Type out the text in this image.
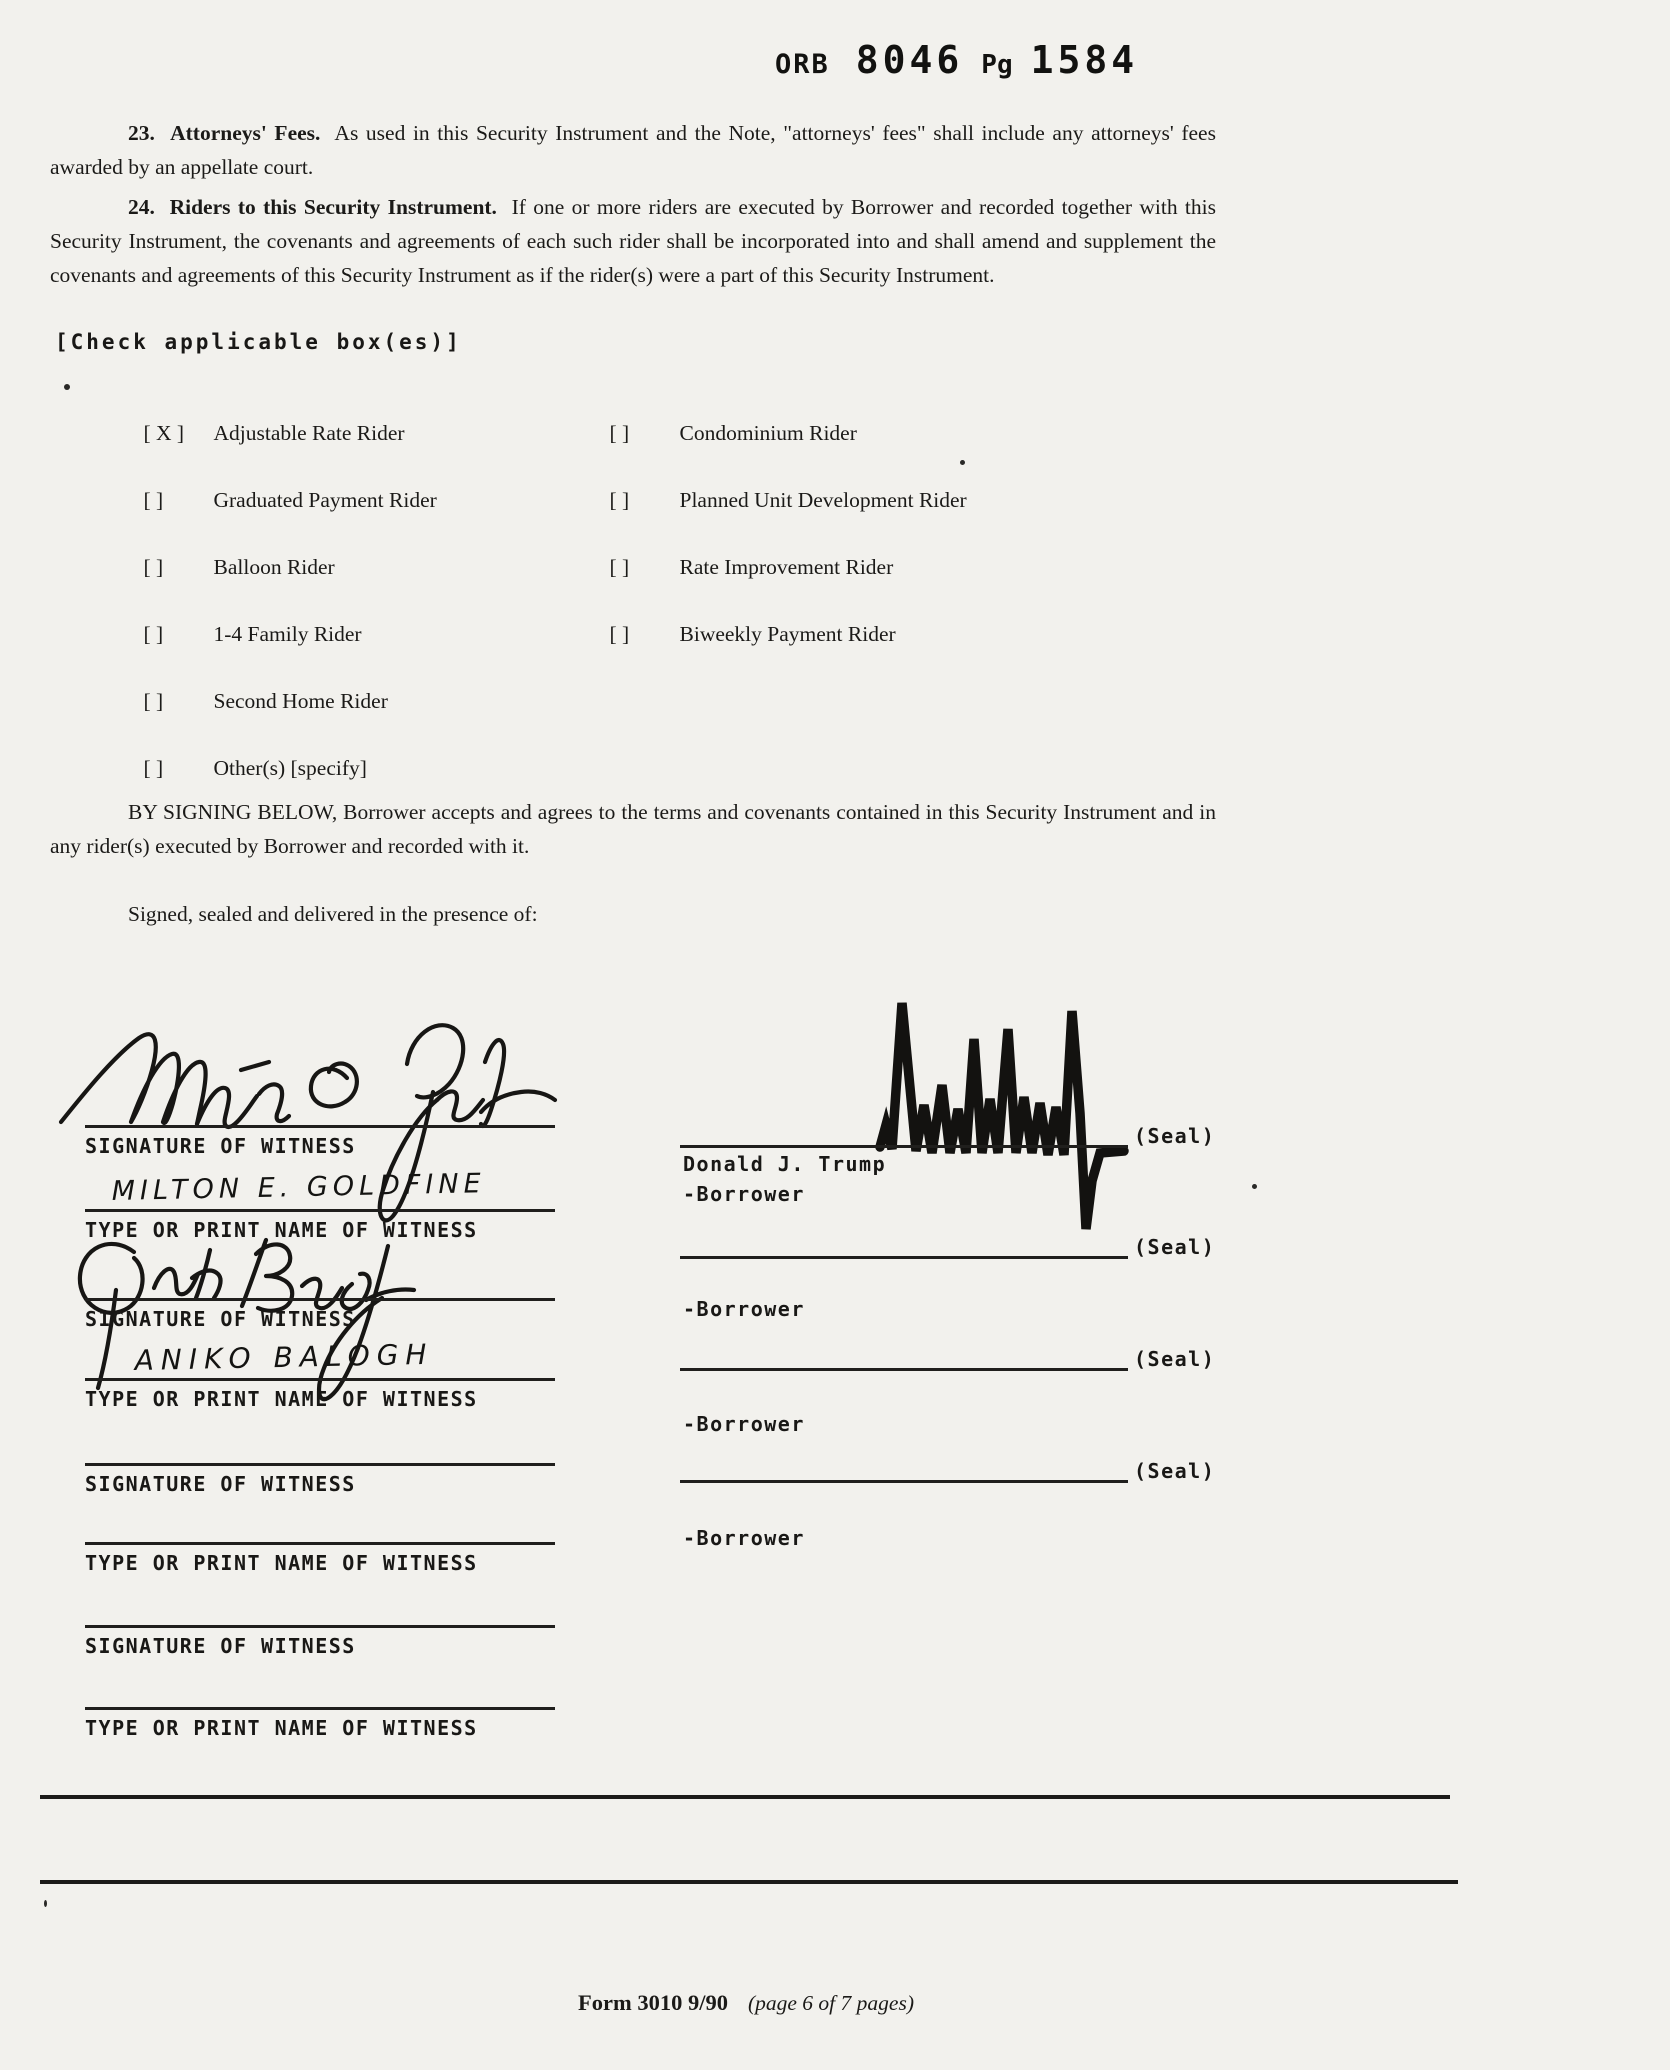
ORB 8046 Pg 1584
23. Attorneys' Fees. As used in this Security Instrument and the Note, "attorneys' fees" shall include any attorneys' fees awarded by an appellate court.
24. Riders to this Security Instrument. If one or more riders are executed by Borrower and recorded together with this Security Instrument, the covenants and agreements of each such rider shall be incorporated into and shall amend and supplement the covenants and agreements of this Security Instrument as if the rider(s) were a part of this Security Instrument.
[Check applicable box(es)]

[ X ] Adjustable Rate Rider

[ ] Graduated Payment Rider

[ ] Balloon Rider

[ ] 1-4 Family Rider

[ ] Second Home Rider

[ ] Other(s) [specify]

[ ] Condominium Rider

[ ] Planned Unit Development Rider

[ ] Rate Improvement Rider

[ ] Biweekly Payment Rider

BY SIGNING BELOW, Borrower accepts and agrees to the terms and covenants contained in this Security Instrument and in any rider(s) executed by Borrower and recorded with it.
Signed, sealed and delivered in the presence of:
SIGNATURE OF WITNESS
MILTON E. GOLDFINE
TYPE OR PRINT NAME OF WITNESS
SIGNATURE OF WITNESS
ANIKO BALOGH
TYPE OR PRINT NAME OF WITNESS
SIGNATURE OF WITNESS
TYPE OR PRINT NAME OF WITNESS
SIGNATURE OF WITNESS
TYPE OR PRINT NAME OF WITNESS
(Seal)
Donald J. Trump
-Borrower
(Seal)
-Borrower
(Seal)
-Borrower
(Seal)
-Borrower
Form 3010 9/90 (page 6 of 7 pages)
